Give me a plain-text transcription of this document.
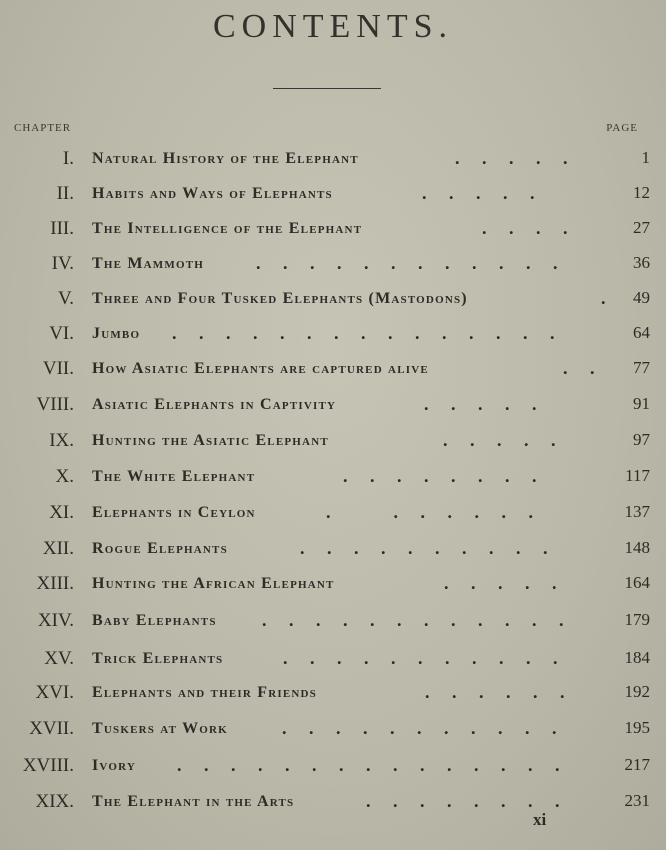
CONTENTS.
CHAPTER	PAGE
I. Natural History of the Elephant	.     .     .     .     .	1
II. Habits and Ways of Elephants	.     .     .     .     .	12
III. The Intelligence of the Elephant	.     .     .     .	27
IV. The Mammoth	.     .     .     .     .     .     .     .     .     .     .     .	36
V. Three and Four Tusked Elephants (Mastodons)	. 49
VI. Jumbo .     .     .     .     .     .     .     .     .     .     .     .     .     .     .	64
VII. How Asiatic Elephants are captured alive	.     . 77
VIII. Asiatic Elephants in Captivity	.     .     .     .     .	91
IX. Hunting the Asiatic Elephant	.     .     .     .     .	97
X. The White Elephant	.     .     .     .     .     .     .     .	117
XI. Elephants in Ceylon	.              .     .     .     .     .     .	137
XII. Rogue Elephants	.     .     .     .     .     .     .     .     .     .	148
XIII. Hunting the African Elephant	.     .     .     .     .	164
XIV. Baby Elephants	.     .     .     .     .     .     .     .     .     .     .     .	179
XV. Trick Elephants	.     .     .     .     .     .     .     .     .     .     .	184
XVI. Elephants and their Friends	.     .     .     .     .     .	192
XVII. Tuskers at Work	.     .     .     .     .     .     .     .     .     .     .	195
XVIII. Ivory .     .     .     .     .     .     .     .     .     .     .     .     .     .     .	217
XIX. The Elephant in the Arts	.     .     .     .     .     .     .     .	231
xi
